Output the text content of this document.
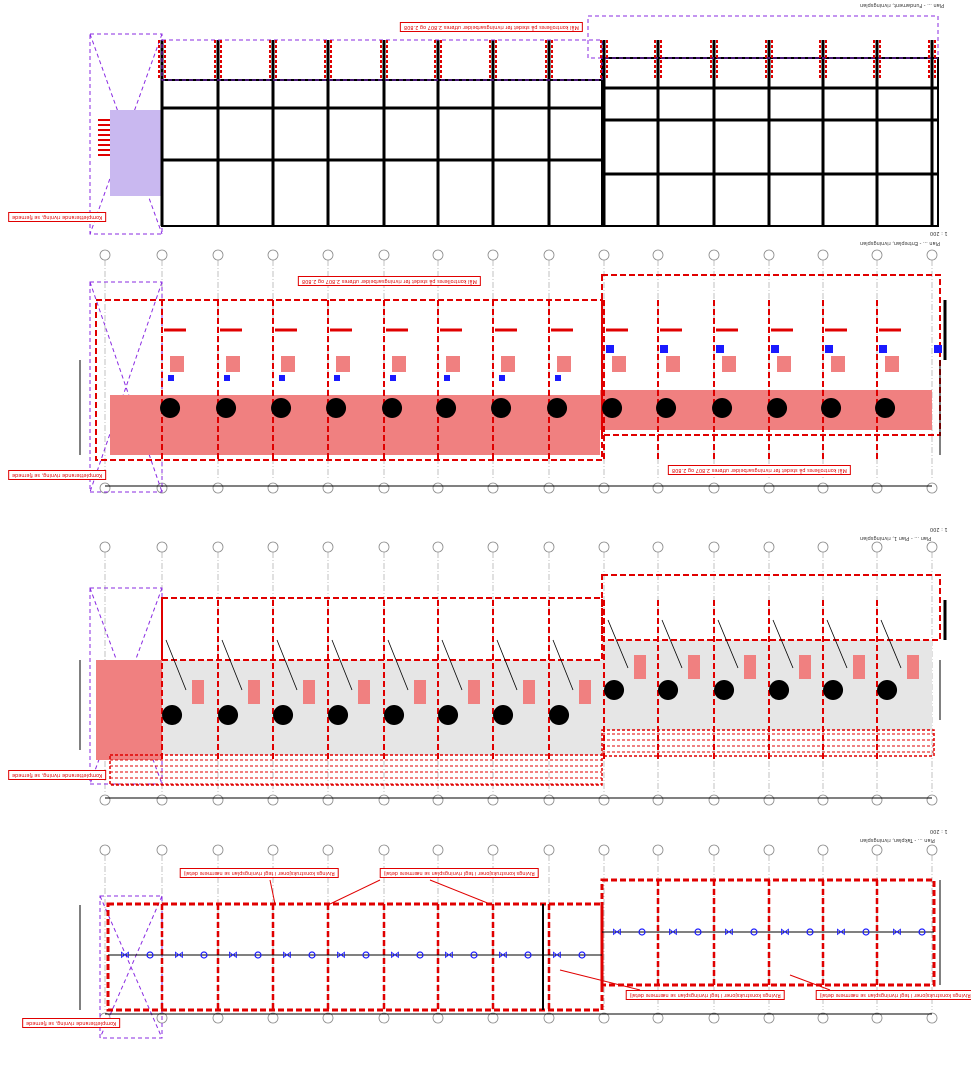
⋈	⋈	⋈	⋈	⋈	⋈	⋈	⋈	⋈
⋈	⋈	⋈	⋈	⋈	⋈
Plan ... - Fundament, rivningsplan
Plan ... - Entreplan, rivningsplan
1 : 200
Plan ... - Plan 1, rivningsplan
1 : 200
Plan ... - Takplan, rivningsplan
1 : 200
Mål kontrolleres på stedet før rivningsarbeider utføres 2.807 og 2.808
Kompletterande rivning, se fjernede
Mål kontrolleres på stedet før rivningsarbeider utføres 2.807 og 2.808
Mål kontrolleres på stedet før rivningsarbeider utføres 2.807 og 2.808
Kompletterande rivning, se fjernede
Kompletterande rivning, se fjernede
Rivings konstruksjoner i tegl rivningsplan se nærmere detalj	Rivings konstruksjoner i tegl rivningsplan se nærmere detalj
Rivings konstruksjoner i tegl rivningsplan se nærmere detalj	Rivings konstruksjoner i tegl rivningsplan se nærmere detalj
Kompletterande rivning, se fjernede
